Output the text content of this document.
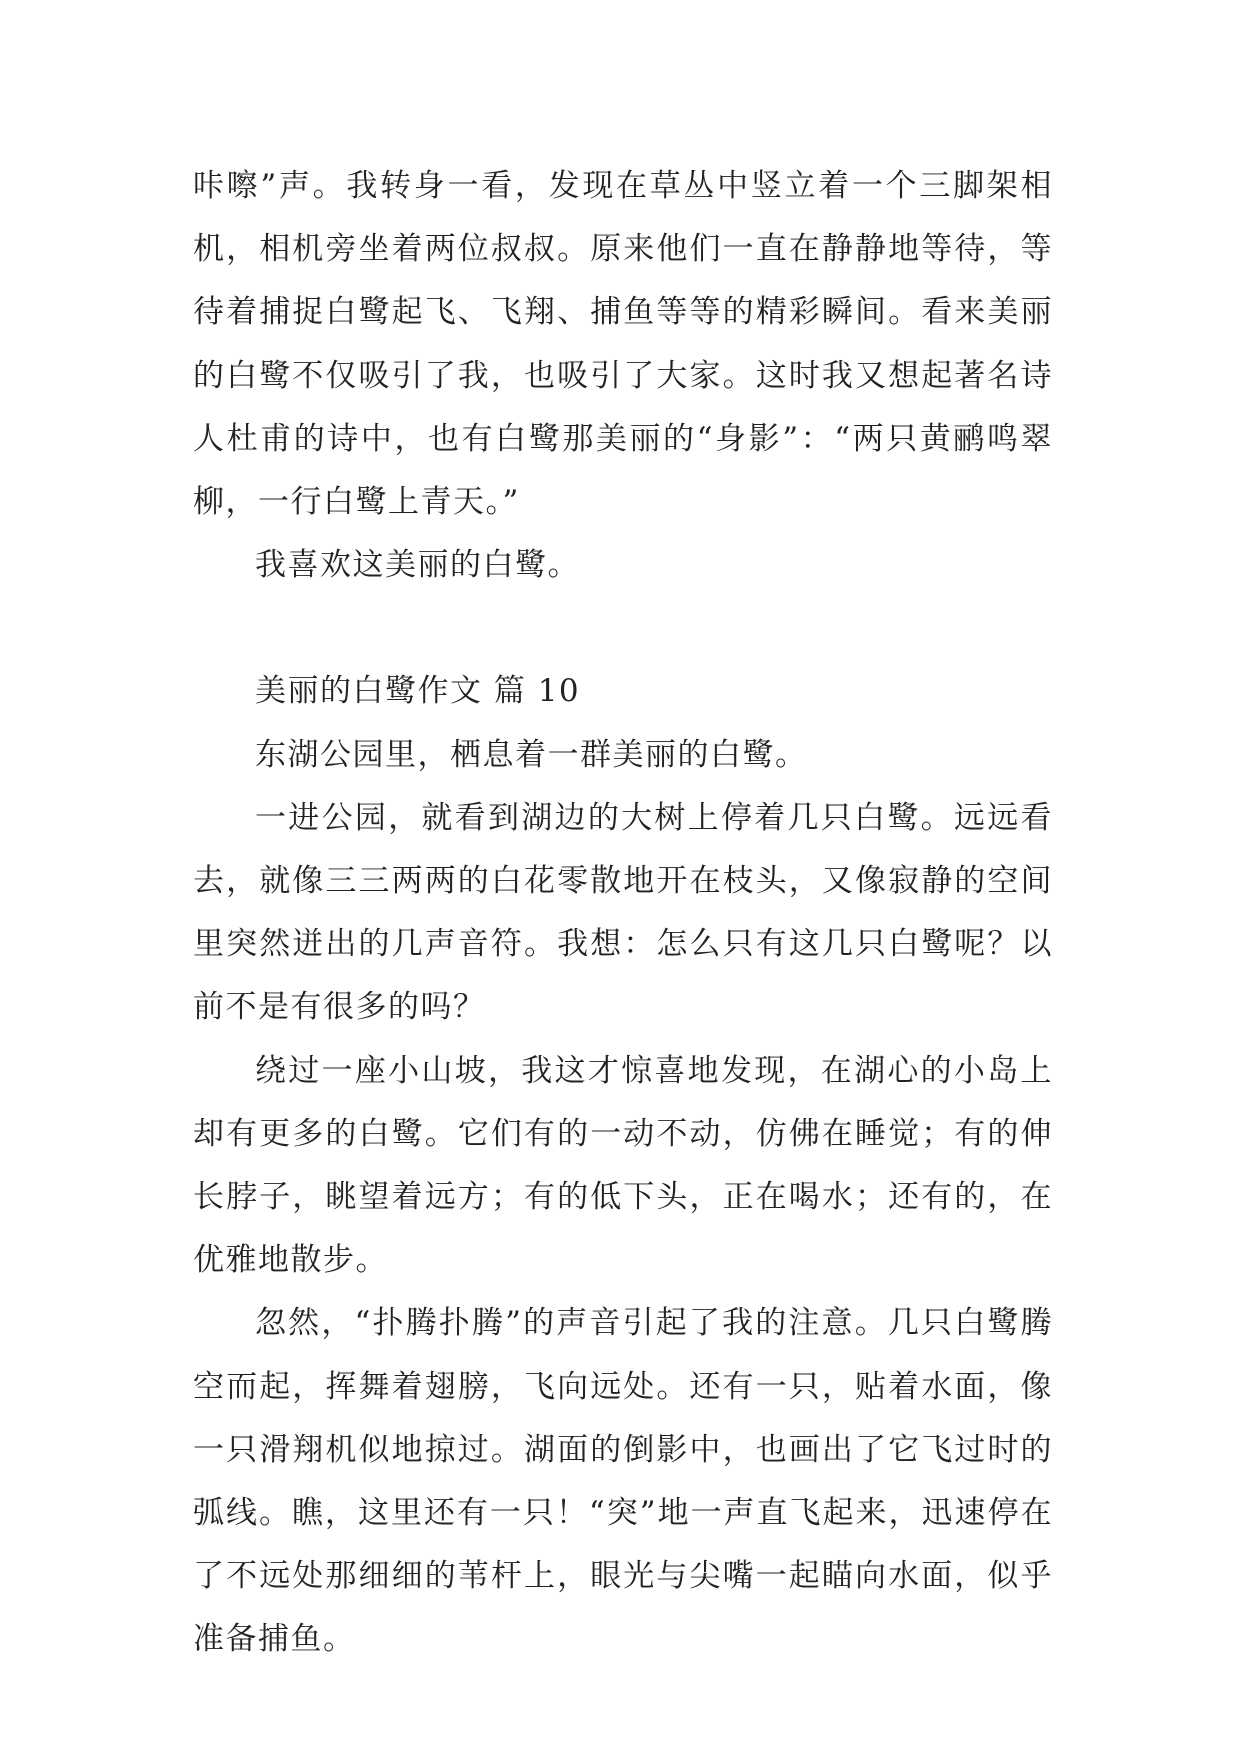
咔嚓”声。我转身一看，发现在草丛中竖立着一个三脚架相机，相机旁坐着两位叔叔。原来他们一直在静静地等待，等待着捕捉白鹭起飞、飞翔、捕鱼等等的精彩瞬间。看来美丽的白鹭不仅吸引了我，也吸引了大家。这时我又想起著名诗人杜甫的诗中，也有白鹭那美丽的“身影”：“两只黄鹂鸣翠柳，一行白鹭上青天。”

我喜欢这美丽的白鹭。

美丽的白鹭作文 篇 10

东湖公园里，栖息着一群美丽的白鹭。

一进公园，就看到湖边的大树上停着几只白鹭。远远看去，就像三三两两的白花零散地开在枝头，又像寂静的空间里突然迸出的几声音符。我想：怎么只有这几只白鹭呢？以前不是有很多的吗？

绕过一座小山坡，我这才惊喜地发现，在湖心的小岛上却有更多的白鹭。它们有的一动不动，仿佛在睡觉；有的伸长脖子，眺望着远方；有的低下头，正在喝水；还有的，在优雅地散步。

忽然，“扑腾扑腾”的声音引起了我的注意。几只白鹭腾空而起，挥舞着翅膀，飞向远处。还有一只，贴着水面，像一只滑翔机似地掠过。湖面的倒影中，也画出了它飞过时的弧线。瞧，这里还有一只！“突”地一声直飞起来，迅速停在了不远处那细细的苇杆上，眼光与尖嘴一起瞄向水面，似乎准备捕鱼。
